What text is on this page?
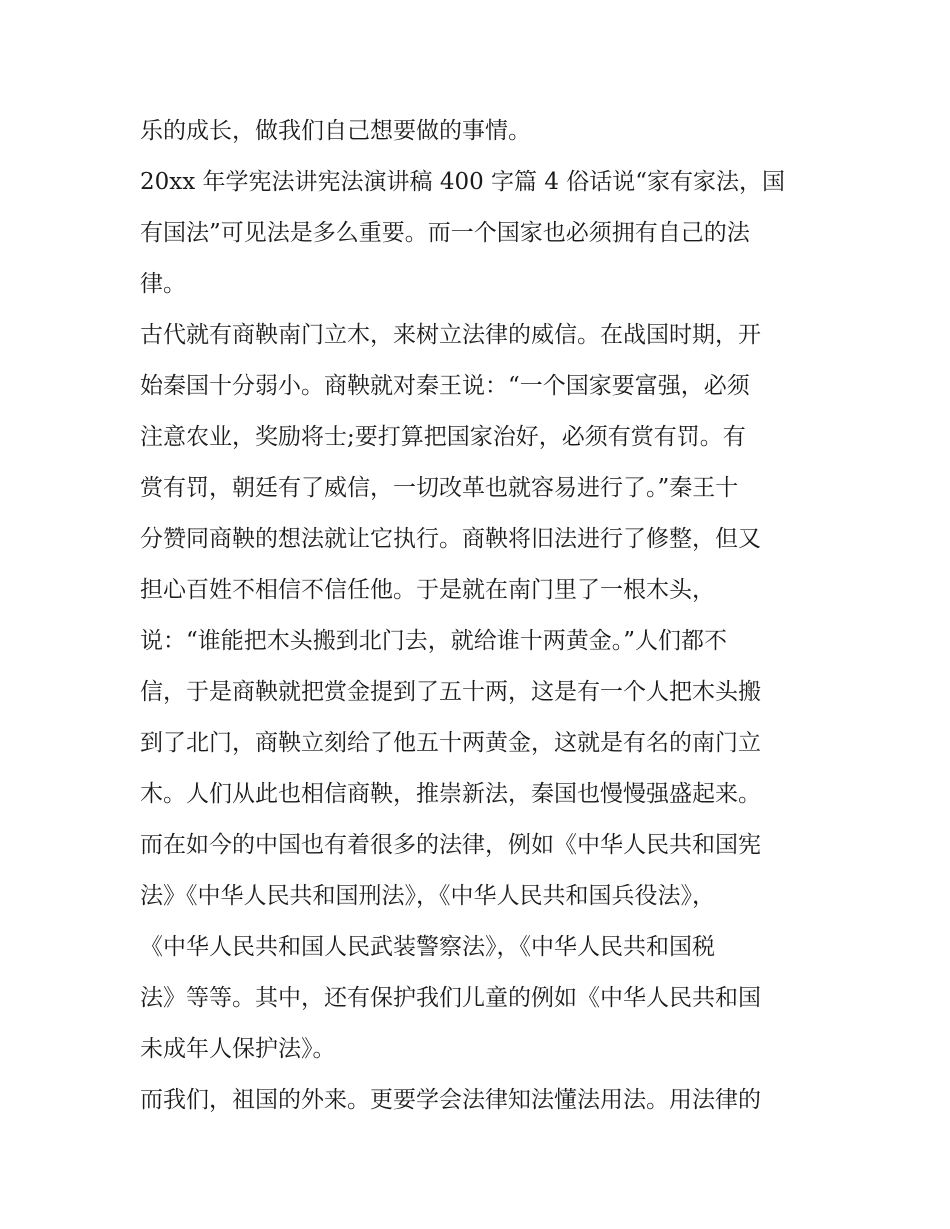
乐的成长，做我们自己想要做的事情。
20xx 年学宪法讲宪法演讲稿 400 字篇 4 俗话说“家有家法，国
有国法”可见法是多么重要。而一个国家也必须拥有自己的法
律。
古代就有商鞅南门立木，来树立法律的威信。在战国时期，开
始秦国十分弱小。商鞅就对秦王说：“一个国家要富强，必须
注意农业，奖励将士;要打算把国家治好，必须有赏有罚。有
赏有罚，朝廷有了威信，一切改革也就容易进行了。”秦王十
分赞同商鞅的想法就让它执行。商鞅将旧法进行了修整，但又
担心百姓不相信不信任他。于是就在南门里了一根木头，
说：“谁能把木头搬到北门去，就给谁十两黄金。”人们都不
信，于是商鞅就把赏金提到了五十两，这是有一个人把木头搬
到了北门，商鞅立刻给了他五十两黄金，这就是有名的南门立
木。人们从此也相信商鞅，推崇新法，秦国也慢慢强盛起来。
而在如今的中国也有着很多的法律，例如《中华人民共和国宪
法》《中华人民共和国刑法》，《中华人民共和国兵役法》，
《中华人民共和国人民武装警察法》，《中华人民共和国税
法》等等。其中，还有保护我们儿童的例如《中华人民共和国
未成年人保护法》。
而我们，祖国的外来。更要学会法律知法懂法用法。用法律的
